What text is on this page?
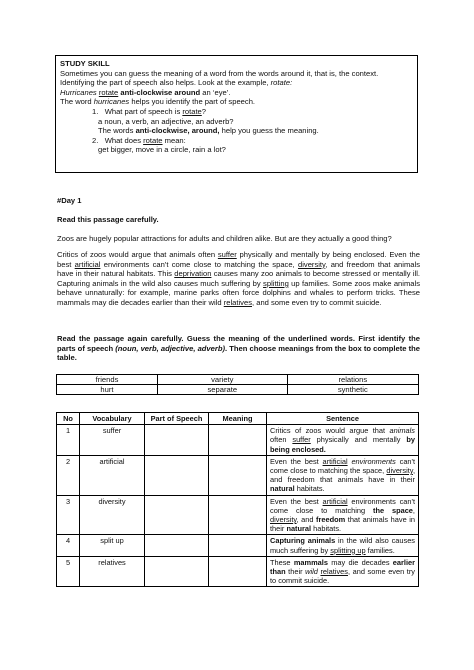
STUDY SKILL

Sometimes you can guess the meaning of a word from the words around it, that is, the context.

Identifying the part of speech also helps. Look at the example, rotate:

Hurricanes rotate anti-clockwise around an ‘eye’.

The word hurricanes helps you identify the part of speech.

1. What part of speech is rotate?

a noun, a verb, an adjective, an adverb?

The words anti-clockwise, around, help you guess the meaning.

2. What does rotate mean:

get bigger, move in a circle, rain a lot?

#Day 1
Read this passage carefully.
Zoos are hugely popular attractions for adults and children alike. But are they actually a good thing?
Critics of zoos would argue that animals often suffer physically and mentally by being enclosed. Even the best artificial environments can't come close to matching the space, diversity, and freedom that animals have in their natural habitats. This deprivation causes many zoo animals to become stressed or mentally ill. Capturing animals in the wild also causes much suffering by splitting up families. Some zoos make animals behave unnaturally: for example, marine parks often force dolphins and whales to perform tricks. These mammals may die decades earlier than their wild relatives, and some even try to commit suicide.
Read the passage again carefully. Guess the meaning of the underlined words. First identify the parts of speech (noun, verb, adjective, adverb). Then choose meanings from the box to complete the table.
friends	variety	relations
hurt	separate	synthetic
No	Vocabulary	Part of Speech	Meaning	Sentence
1	suffer			Critics of zoos would argue that animals often suffer physically and mentally by being enclosed.
2	artificial			Even the best artificial environments can't come close to matching the space, diversity, and freedom that animals have in their natural habitats.
3	diversity			Even the best artificial environments can't come close to matching the space, diversity, and freedom that animals have in their natural habitats.
4	split up			Capturing animals in the wild also causes much suffering by splitting up families.
5	relatives			These mammals may die decades earlier than their wild relatives, and some even try to commit suicide.
